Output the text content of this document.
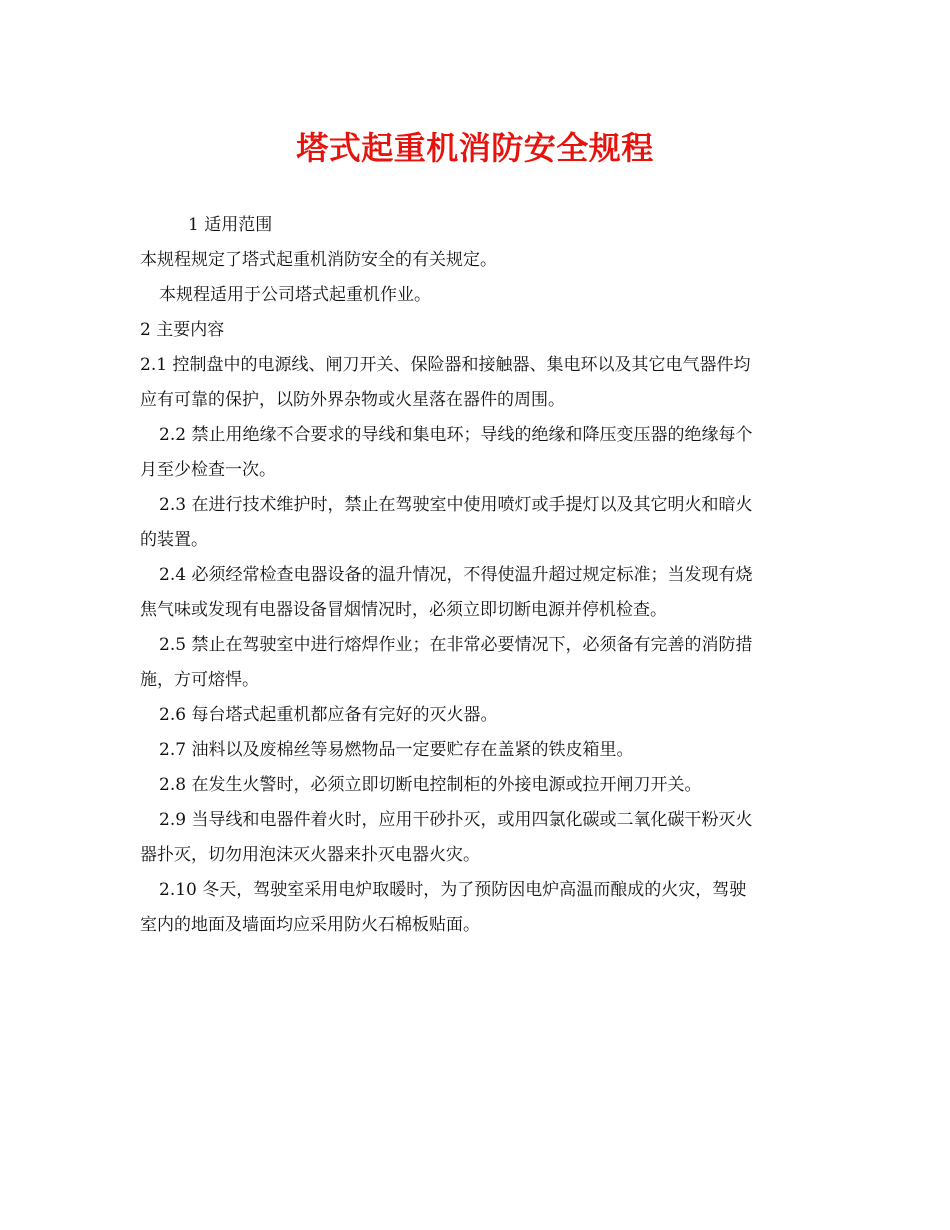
塔式起重机消防安全规程
1 适用范围
本规程规定了塔式起重机消防安全的有关规定。
本规程适用于公司塔式起重机作业。
2 主要内容
2.1 控制盘中的电源线、闸刀开关、保险器和接触器、集电环以及其它电气器件均
应有可靠的保护，以防外界杂物或火星落在器件的周围。
2.2 禁止用绝缘不合要求的导线和集电环；导线的绝缘和降压变压器的绝缘每个
月至少检查一次。
2.3 在进行技术维护时，禁止在驾驶室中使用喷灯或手提灯以及其它明火和暗火
的装置。
2.4 必须经常检查电器设备的温升情况，不得使温升超过规定标准；当发现有烧
焦气味或发现有电器设备冒烟情况时，必须立即切断电源并停机检查。
2.5 禁止在驾驶室中进行熔焊作业；在非常必要情况下，必须备有完善的消防措
施，方可熔悍。
2.6 每台塔式起重机都应备有完好的灭火器。
2.7 油料以及废棉丝等易燃物品一定要贮存在盖紧的铁皮箱里。
2.8 在发生火警时，必须立即切断电控制柜的外接电源或拉开闸刀开关。
2.9 当导线和电器件着火时，应用干砂扑灭，或用四氯化碳或二氧化碳干粉灭火
器扑灭，切勿用泡沫灭火器来扑灭电器火灾。
2.10 冬天，驾驶室采用电炉取暖时，为了预防因电炉高温而酿成的火灾，驾驶
室内的地面及墙面均应采用防火石棉板贴面。
